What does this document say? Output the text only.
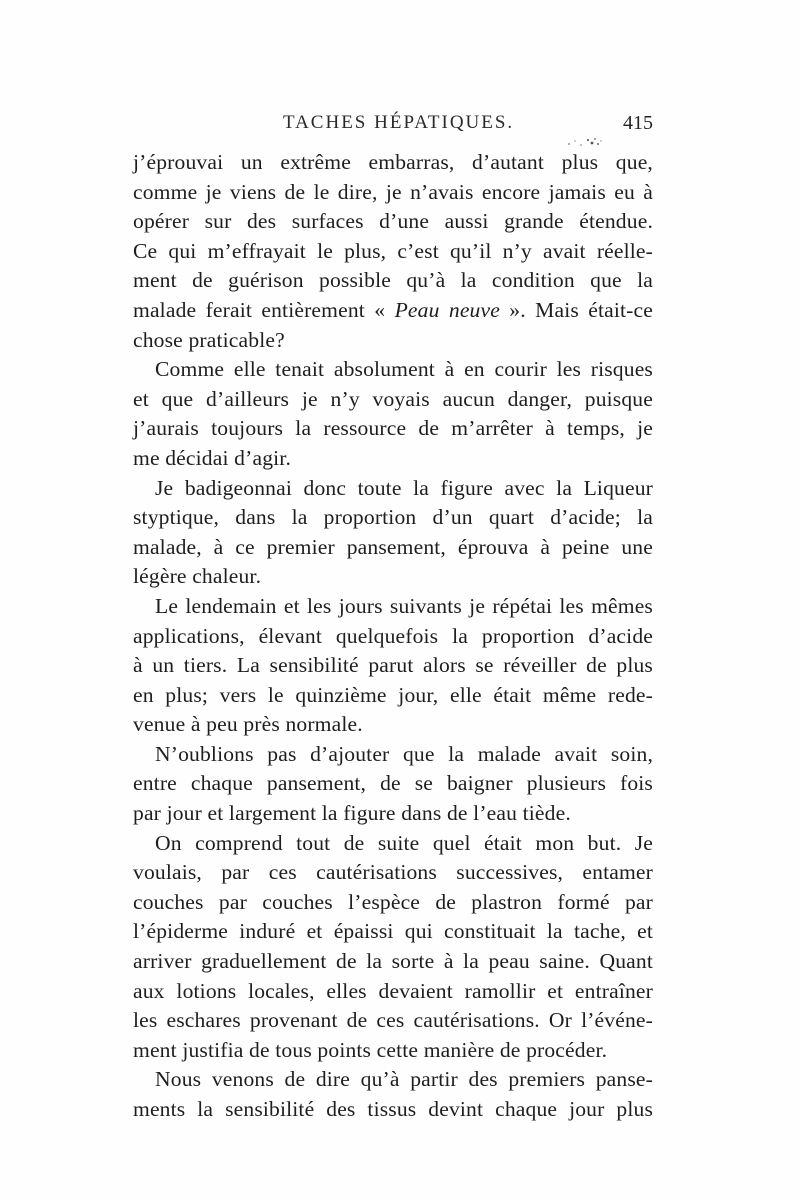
TACHES HÉPATIQUES.	415
j’éprouvai un extrême embarras, d’autant plus que,
comme je viens de le dire, je n’avais encore jamais eu à
opérer sur des surfaces d’une aussi grande étendue.
Ce qui m’effrayait le plus, c’est qu’il n’y avait réelle-
ment de guérison possible qu’à la condition que la
malade ferait entièrement « Peau neuve ». Mais était-ce
chose praticable?
Comme elle tenait absolument à en courir les risques
et que d’ailleurs je n’y voyais aucun danger, puisque
j’aurais toujours la ressource de m’arrêter à temps, je
me décidai d’agir.
Je badigeonnai donc toute la figure avec la Liqueur
styptique, dans la proportion d’un quart d’acide; la
malade, à ce premier pansement, éprouva à peine une
légère chaleur.
Le lendemain et les jours suivants je répétai les mêmes
applications, élevant quelquefois la proportion d’acide
à un tiers. La sensibilité parut alors se réveiller de plus
en plus; vers le quinzième jour, elle était même rede-
venue à peu près normale.
N’oublions pas d’ajouter que la malade avait soin,
entre chaque pansement, de se baigner plusieurs fois
par jour et largement la figure dans de l’eau tiède.
On comprend tout de suite quel était mon but. Je
voulais, par ces cautérisations successives, entamer
couches par couches l’espèce de plastron formé par
l’épiderme induré et épaissi qui constituait la tache, et
arriver graduellement de la sorte à la peau saine. Quant
aux lotions locales, elles devaient ramollir et entraîner
les eschares provenant de ces cautérisations. Or l’événe-
ment justifia de tous points cette manière de procéder.
Nous venons de dire qu’à partir des premiers panse-
ments la sensibilité des tissus devint chaque jour plus
